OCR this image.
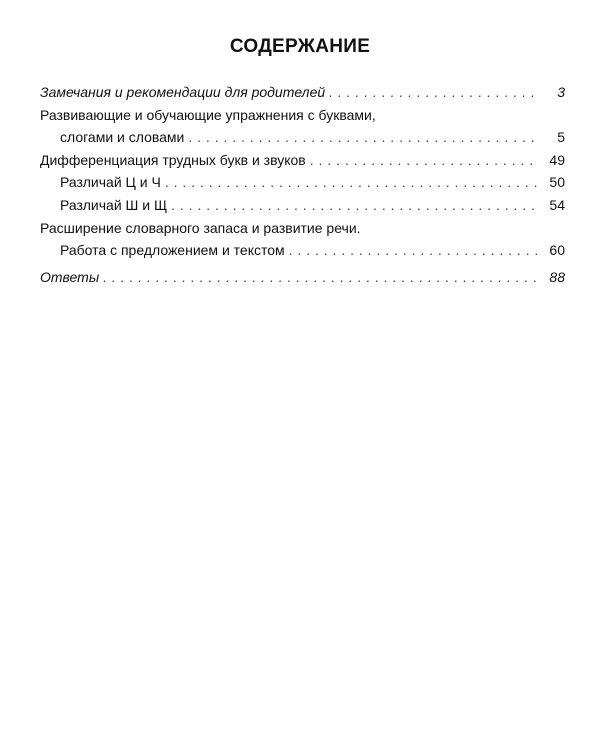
СОДЕРЖАНИЕ
Замечания и рекомендации для родителей . . .	3
Развивающие и обучающие упражнения с буквами,
слогами и словами . . .	5
Дифференциация трудных букв и звуков . . .	49
Различай Ц и Ч . . .	50
Различай Ш и Щ . . .	54
Расширение словарного запаса и развитие речи.
Работа с предложением и текстом . . .	60
Ответы . . .	88
